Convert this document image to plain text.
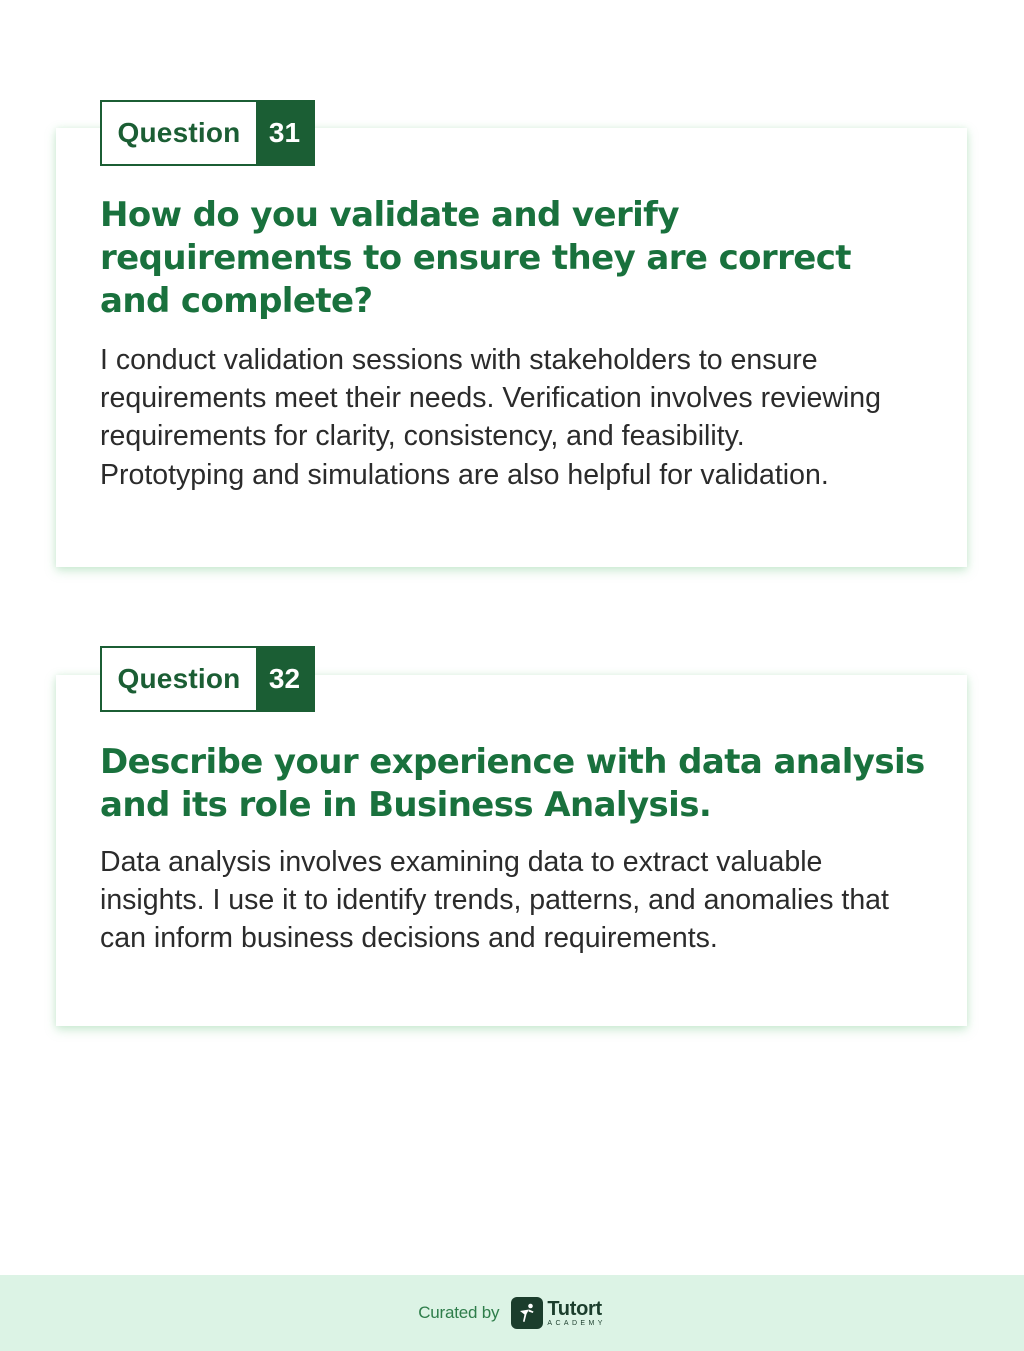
Question	31
How do you validate and verify requirements to ensure they are correct and complete?

I conduct validation sessions with stakeholders to ensure requirements meet their needs. Verification involves reviewing requirements for clarity, consistency, and feasibility. Prototyping and simulations are also helpful for validation.

Question	32
Describe your experience with data analysis and its role in Business Analysis.

Data analysis involves examining data to extract valuable insights. I use it to identify trends, patterns, and anomalies that can inform business decisions and requirements.

Curated by Tutort
ACADEMY
